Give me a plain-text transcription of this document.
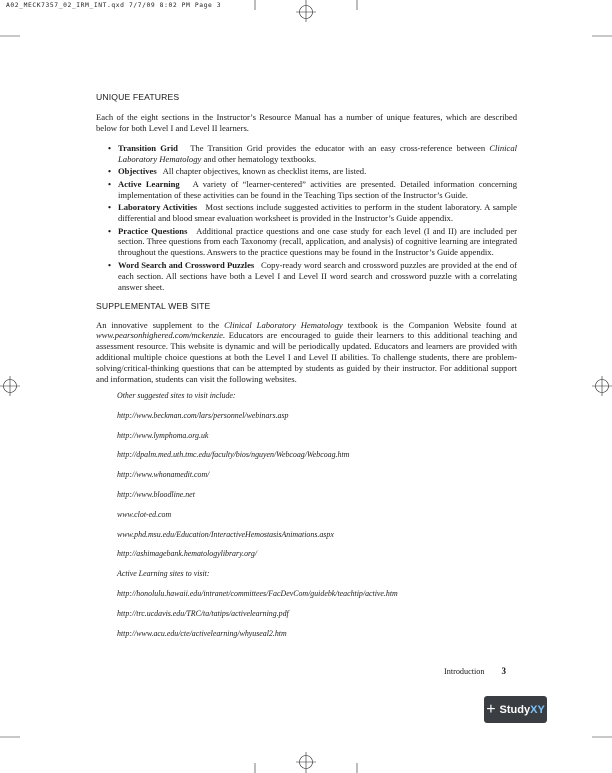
A02_MECK7357_02_IRM_INT.qxd 7/7/09 8:02 PM Page 3
UNIQUE FEATURES

Each of the eight sections in the Instructor’s Resource Manual has a number of unique features, which are described below for both Level I and Level II learners.

• Transition Grid The Transition Grid provides the educator with an easy cross-reference between Clinical Laboratory Hematology and other hematology textbooks.
• Objectives All chapter objectives, known as checklist items, are listed.
• Active Learning A variety of “learner-centered” activities are presented. Detailed information concerning implementation of these activities can be found in the Teaching Tips section of the Instructor’s Guide.
• Laboratory Activities Most sections include suggested activities to perform in the student laboratory. A sample differential and blood smear evaluation worksheet is provided in the Instructor’s Guide appendix.
• Practice Questions Additional practice questions and one case study for each level (I and II) are included per section. Three questions from each Taxonomy (recall, application, and analysis) of cognitive learning are integrated throughout the questions. Answers to the practice questions may be found in the Instructor’s Guide appendix.
• Word Search and Crossword Puzzles Copy-ready word search and crossword puzzles are provided at the end of each section. All sections have both a Level I and Level II word search and crossword puzzle with a correlating answer sheet.
SUPPLEMENTAL WEB SITE

An innovative supplement to the Clinical Laboratory Hematology textbook is the Companion Website found at www.pearsonhighered.com/mckenzie. Educators are encouraged to guide their learners to this additional teaching and assessment resource. This website is dynamic and will be periodically updated. Educators and learners are provided with additional multiple choice questions at both the Level I and Level II abilities. To challenge students, there are problem-solving/critical-thinking questions that can be attempted by students as guided by their instructor. For additional support and information, students can visit the following websites.

Other suggested sites to visit include:
http://www.beckman.com/lars/personnel/webinars.asp
http://www.lymphoma.org.uk
http://dpalm.med.uth.tmc.edu/faculty/bios/nguyen/Webcoag/Webcoag.htm
http://www.whonamedit.com/
http://www.bloodline.net
www.clot-ed.com
www.phd.msu.edu/Education/InteractiveHemostasisAnimations.aspx
http://ashimagebank.hematologylibrary.org/
Active Learning sites to visit:
http://honolulu.hawaii.edu/intranet/committees/FacDevCom/guidebk/teachtip/active.htm
http://trc.ucdavis.edu/TRC/ta/tatips/activelearning.pdf
http://www.acu.edu/cte/activelearning/whyuseal2.htm
Introduction 3
+ Study XY
